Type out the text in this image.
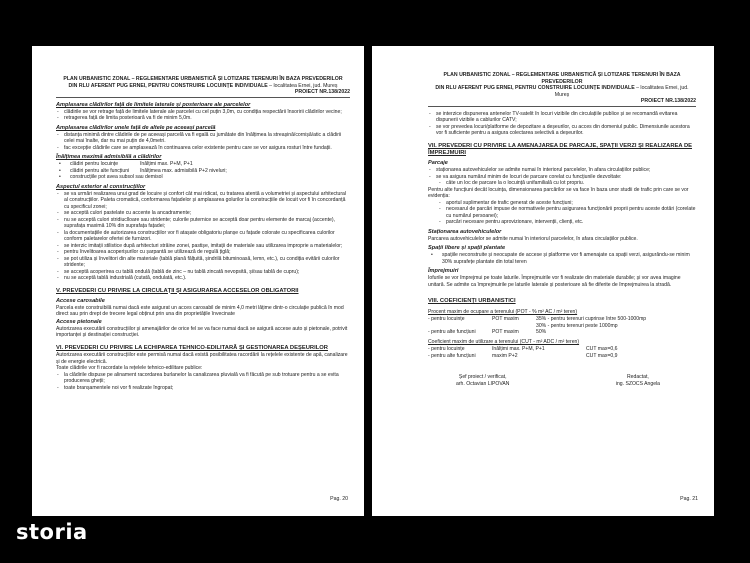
PLAN URBANISTIC ZONAL – REGLEMENTARE URBANISTICĂ ȘI LOTIZARE TERENURI ÎN BAZA PREVEDERILOR
DIN RLU AFERENT PUG ERNEI, PENTRU CONSTRUIRE LOCUINȚE INDIVIDUALE – localitatea Ernei, jud. Mureș
PROIECT NR.138/2022
Amplasarea clădirilor față de limitele laterale și posterioare ale parcelelor
- clădirile se vor retrage față de limitele laterale ale parcelei cu cel puțin 3,0m, cu condiția respectării însoririi clădirilor vecine;
- retragerea față de limita posterioară va fi de minim 5,0m.
Amplasarea clădirilor unele față de altele pe aceeași parcelă
- distanța minimă dintre clădirile de pe aceeași parcelă va fi egală cu jumătate din înălțimea la streașină/cornișă/atic a clădirii celei mai înalte, dar nu mai puțin de 4,0metri.
- fac excepție clădirile care se amplasează în continuarea celor existente pentru care se vor asigura rosturi între fundații.
Înălțimea maximă admisibilă a clădirilor
• clădiri pentru locuințe	înălțimi max. P+M, P+1
• clădiri pentru alte funcțiuni înălțimea max. admisibilă P+2 niveluri;
• construcțiile pot avea subsol sau demisol
Aspectul exterior al construcțiilor
- se va urmări realizarea unui grad de locuire și confort cât mai ridicat, cu tratarea atentă a volumetriei și aspectului arhitectural al construcțiilor. Paleta cromatică, conformarea fațadelor și amplasarea golurilor la construcțiile de locuit vor fi în concordanță cu specificul zonei;
- se acceptă culori pastelate cu accente la ancadramente;
- nu se acceptă culori stridiuclloare sau stridente; culorile puternice se acceptă doar pentru elemente de marcaj (accente), suprafața maximă 10% din suprafața fațadei;
- la documentațiile de autorizarea construcțiilor vor fi atașate obligatoriu planșe cu fațade colorate cu specificarea culorilor conform paletarelor ofertei de furnizori.
- se interzic imitații stilistice după arhitecturi străine zonei, pastișe, imitații de materiale sau utilizarea improprie a materialelor;
- pentru învelitoarea acoperișurilor cu șarpantă se utilizează de regulă țiglă;
- se pot utiliza și învelitori din alte materiale (tablă plană fălțuită, șindrilă bituminoasă, lemn, etc.), cu condiția evitării culorilor stridente;
- se acceptă acoperirea cu tablă ondulă (tablă de zinc – nu tablă zincată nevopsită, și/sau tablă de cupru);
- nu se acceptă tablă industrială (cutată, ondulată, etc.).
V. PREVEDERI CU PRIVIRE LA CIRCULAȚII ȘI ASIGURAREA ACCESELOR OBLIGATORII
Accese carosabile
Parcela este construibilă numai dacă este asigurat un acces carosabil de minim 4,0 metri lățime dintr-o circulație publică în mod direct sau prin drept de trecere legal obținut prin una din proprietățile învecinate
Accese pietonale
Autorizarea executării construcțiilor și amenajărilor de orice fel se va face numai dacă se asigură accese auto și pietonale, potrivit importanței și destinației construcției.
VI. PREVEDERI CU PRIVIRE LA ECHIPAREA TEHNICO-EDILITARĂ ȘI GESTIONAREA DEȘEURILOR
Autorizarea executării construcțiilor este permisă numai dacă există posibilitatea racordării la rețelele existente de apă, canalizare și de energie electrică.
Toate clădirile vor fi racordate la rețelele tehnico-edilitare publice:
- la clădirile dispuse pe alinament racordarea burlanelor la canalizarea pluvială va fi făcută pe sub trotuare pentru a se evita producerea gheții;
- toate branșamentele noi vor fi realizate îngropat;
Pag. 20
PLAN URBANISTIC ZONAL – REGLEMENTARE URBANISTICĂ ȘI LOTIZARE TERENURI ÎN BAZA PREVEDERILOR
DIN RLU AFERENT PUG ERNEI, PENTRU CONSTRUIRE LOCUINȚE INDIVIDUALE – localitatea Ernei, jud. Mureș
PROIECT NR.138/2022
- se interzice dispunerea antenelor TV-satelit în locuri vizibile din circulațiile publice și se recomandă evitarea dispunerii vizibile a cablurilor CATV;
- se vor prevedea locuri/platforme de depozitare a deșeurilor, cu acces din domeniul public. Dimensiunile acestora vor fi suficiente pentru a asigura colectarea selectivă a deșeurilor.
VII. PREVEDERI CU PRIVIRE LA AMENAJAREA DE PARCAJE, SPAȚII VERZI ȘI REALIZAREA DE ÎMPREJMUIRI
Parcaje
- staționarea autovehiculelor se admite numai în interiorul parcelelor, în afara circulațiilor publice;
- se va asigura numărul minim de locuri de parcare corelat cu funcțiunile dezvoltate:
- câte un loc de parcare la o locuință unifamilială cu lot propriu.
Pentru alte funcțiuni decât locuința, dimensionarea parcărilor se va face în baza unor studii de trafic prin care se vor evidenția:
- aportul suplimentar de trafic generat de aceste funcțiuni;
- necesarul de parcări impuse de normativele pentru asigurarea funcționării proprii pentru aceste dotări (corelate cu numărul persoanei);
- parcări necesare pentru aprovizionare, intervenții, clienți, etc.
Staționarea autovehiculelor
Parcarea autovehiculelor se admite numai în interiorul parcelelor, în afara circulațiilor publice.
Spații libere și spații plantate
• spațiile neconstruite și neocupate de accese și platforme vor fi amenajate ca spații verzi, asigurându-se minim 30% suprafețe plantate din total teren
Împrejmuiri
Iofurile se vor împrejmui pe toate laturile. Împrejmuirile vor fi realizate din materiale durabile; și vor avea imagine unitară. Se admite ca împrejmuirile pe laturile laterale și posterioare să fie diferite de împrejmuirea la stradă.
VIII. COEFICIENȚI URBANISTICI
Procent maxim de ocupare a terenului (POT - % m² AC / m² teren)
- pentru locuințe	POT maxim	35% - pentru terenuri cuprinse între 500-1000mp
		30% - pentru terenuri peste 1000mp
- pentru alte funcțiuni	POT maxim	50%
Coeficient maxim de utilizare a terenului (CUT - m² ADC / m² teren)
- pentru locuințe	înălțimi max. P+M, P+1	CUT max=0,6
- pentru alte funcțiuni	maxim P+2	CUT max=0,9
Șef proiect / verificat,
arh. Octavian LIPOVAN
Redactat,
ing. SZOCS Angela
Pag. 21
storia
